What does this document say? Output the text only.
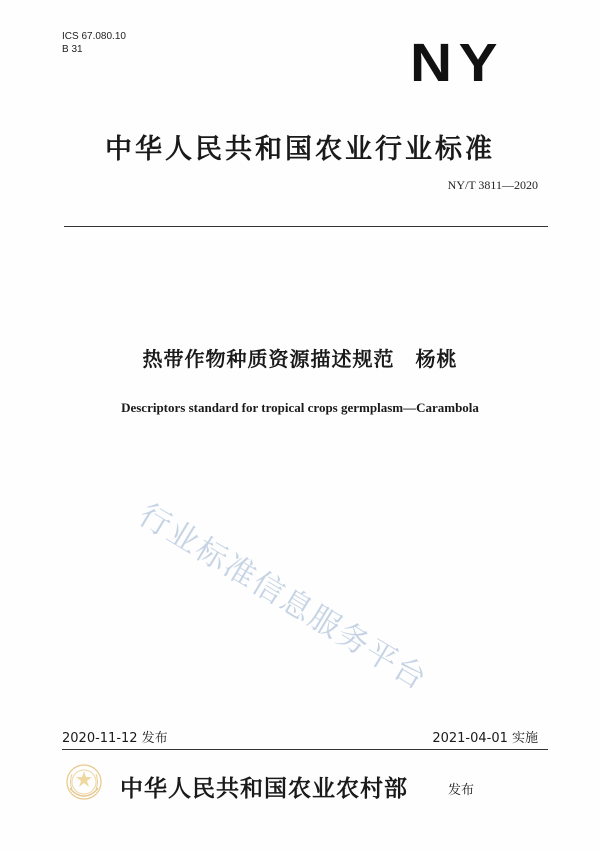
ICS 67.080.10
B 31	NY
中华人民共和国农业行业标准
NY/T 3811—2020
热带作物种质资源描述规范　杨桃
Descriptors standard for tropical crops germplasm—Carambola
行业标准信息服务平台
2020-11-12 发布	2021-04-01 实施
中华人民共和国农业农村部	发布
